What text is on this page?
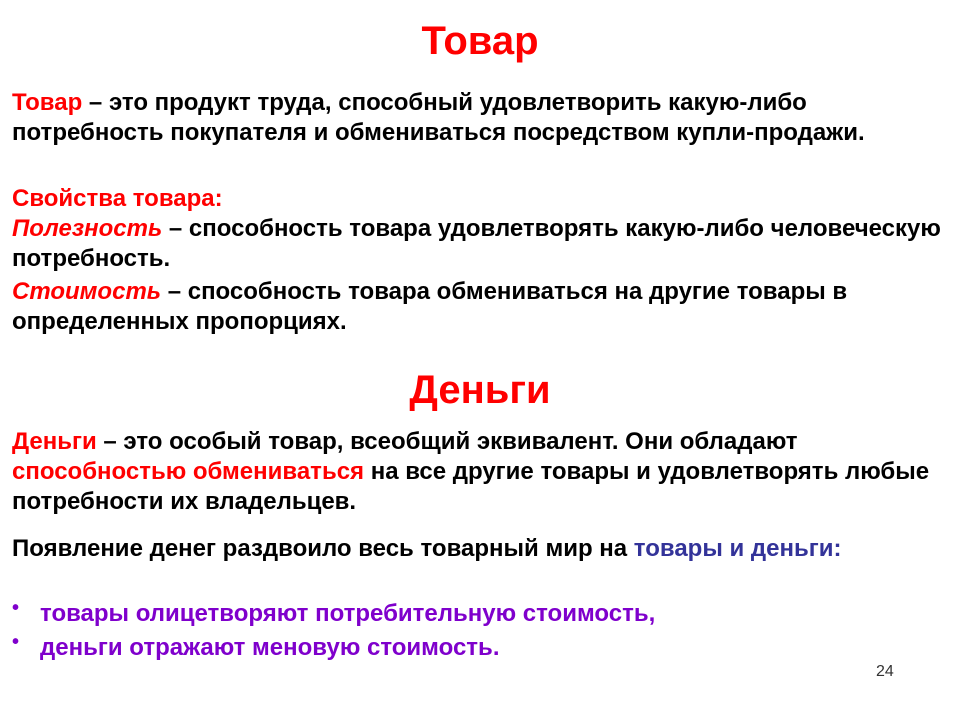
Товар

Товар – это продукт труда, способный удовлетворить какую-либо потребность покупателя и обмениваться посредством купли-продажи.

Свойства товара:

Полезность – способность товара удовлетворять какую-либо человеческую потребность.

Стоимость – способность товара обмениваться на другие товары в определенных пропорциях.

Деньги

Деньги – это особый товар, всеобщий эквивалент. Они обладают способностью обмениваться на все другие товары и удовлетворять любые потребности их владельцев.

Появление денег раздвоило весь товарный мир на товары и деньги:

• товары олицетворяют потребительную стоимость,
• деньги отражают меновую стоимость.
24
